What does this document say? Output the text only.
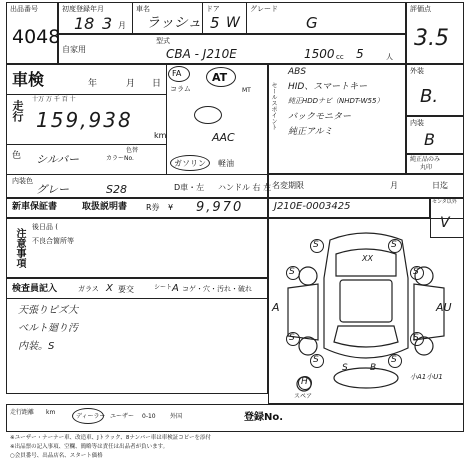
出品番号
4048
初度登録年月
18 3 月
車名
ラッシュ
ドア
5 W
グレード
G
評価点
3.5
自家用
型式
CBA - J210E	1500 cc 5	人
車検	年	月 日
走行
十万 万 千 百 十
159,938
km
色 シルバー
色替
カラーNo.
内装色
グレー	S28
FA
コラム
AT
MT
AAC
ガソリン 軽油
D車・左 ハンドル 右 左
セールスポイント
ABS
HID、スマートキー
純正HDDナビ（NHDT-W55）
バックモニター
純正アルミ
外装
B.
内装
B
純正品のみ
丸印
名変期限	月	日迄
新車保証書	取扱説明書 R券 ¥ 9,970	J210E-0003425	センタ以外
V
注意事項
後日品 (
不良合箇所等
検査員記入	ガラス X 要交	シート A コゲ・穴・汚れ・破れ
天張りピズ大
ベルト廻り汚
内装。S
S	S
S	S
S	S
S	S
A	AU
XX
H
S B
小A1小U1
スペア
走行距離 km
ディーラー ユーザー 0-10 外国	登録No.
※ユーザー・ナーナー車、改造車、Jトラック、8ナンバー車は車検証コピーを添付
※出品票の記入事項、空欄、簡略等は責任は出品者が負います。
○会員番号、出品店名、スタート価格
